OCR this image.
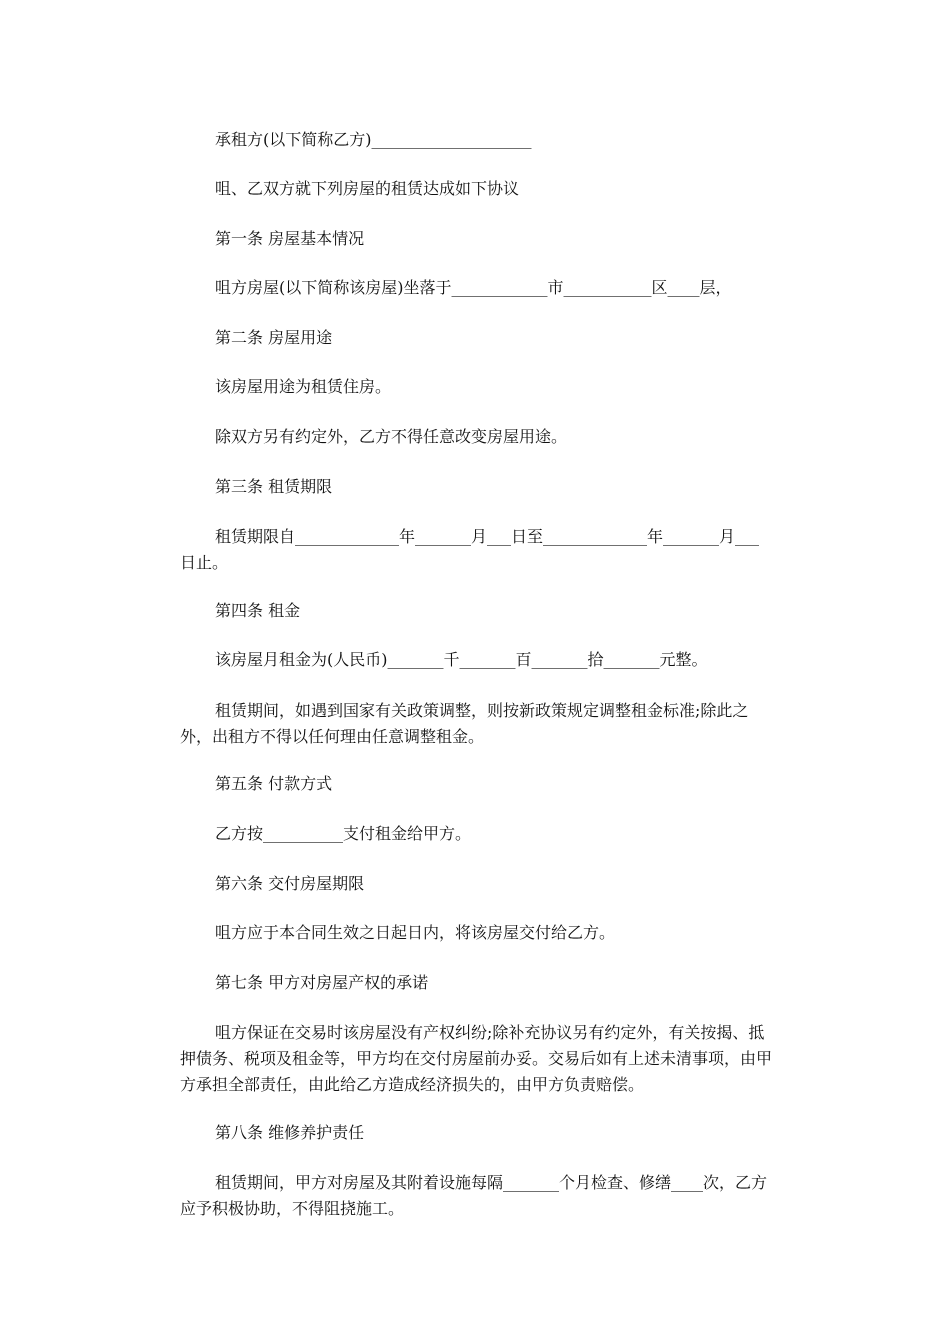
承租方(以下简称乙方)____________________
咀、乙双方就下列房屋的租赁达成如下协议
第一条 房屋基本情况
咀方房屋(以下简称该房屋)坐落于____________市___________区____层，
第二条 房屋用途
该房屋用途为租赁住房。
除双方另有约定外，乙方不得任意改变房屋用途。
第三条 租赁期限
租赁期限自_____________年_______月___日至_____________年_______月___日止。
第四条 租金
该房屋月租金为(人民币)_______千_______百_______拾_______元整。
租赁期间，如遇到国家有关政策调整，则按新政策规定调整租金标准;除此之外，出租方不得以任何理由任意调整租金。
第五条 付款方式
乙方按__________支付租金给甲方。
第六条 交付房屋期限
咀方应于本合同生效之日起日内，将该房屋交付给乙方。
第七条 甲方对房屋产权的承诺
咀方保证在交易时该房屋没有产权纠纷;除补充协议另有约定外，有关按揭、抵押债务、税项及租金等，甲方均在交付房屋前办妥。交易后如有上述未清事项，由甲方承担全部责任，由此给乙方造成经济损失的，由甲方负责赔偿。
第八条 维修养护责任
租赁期间，甲方对房屋及其附着设施每隔_______个月检查、修缮____次，乙方应予积极协助，不得阻挠施工。
